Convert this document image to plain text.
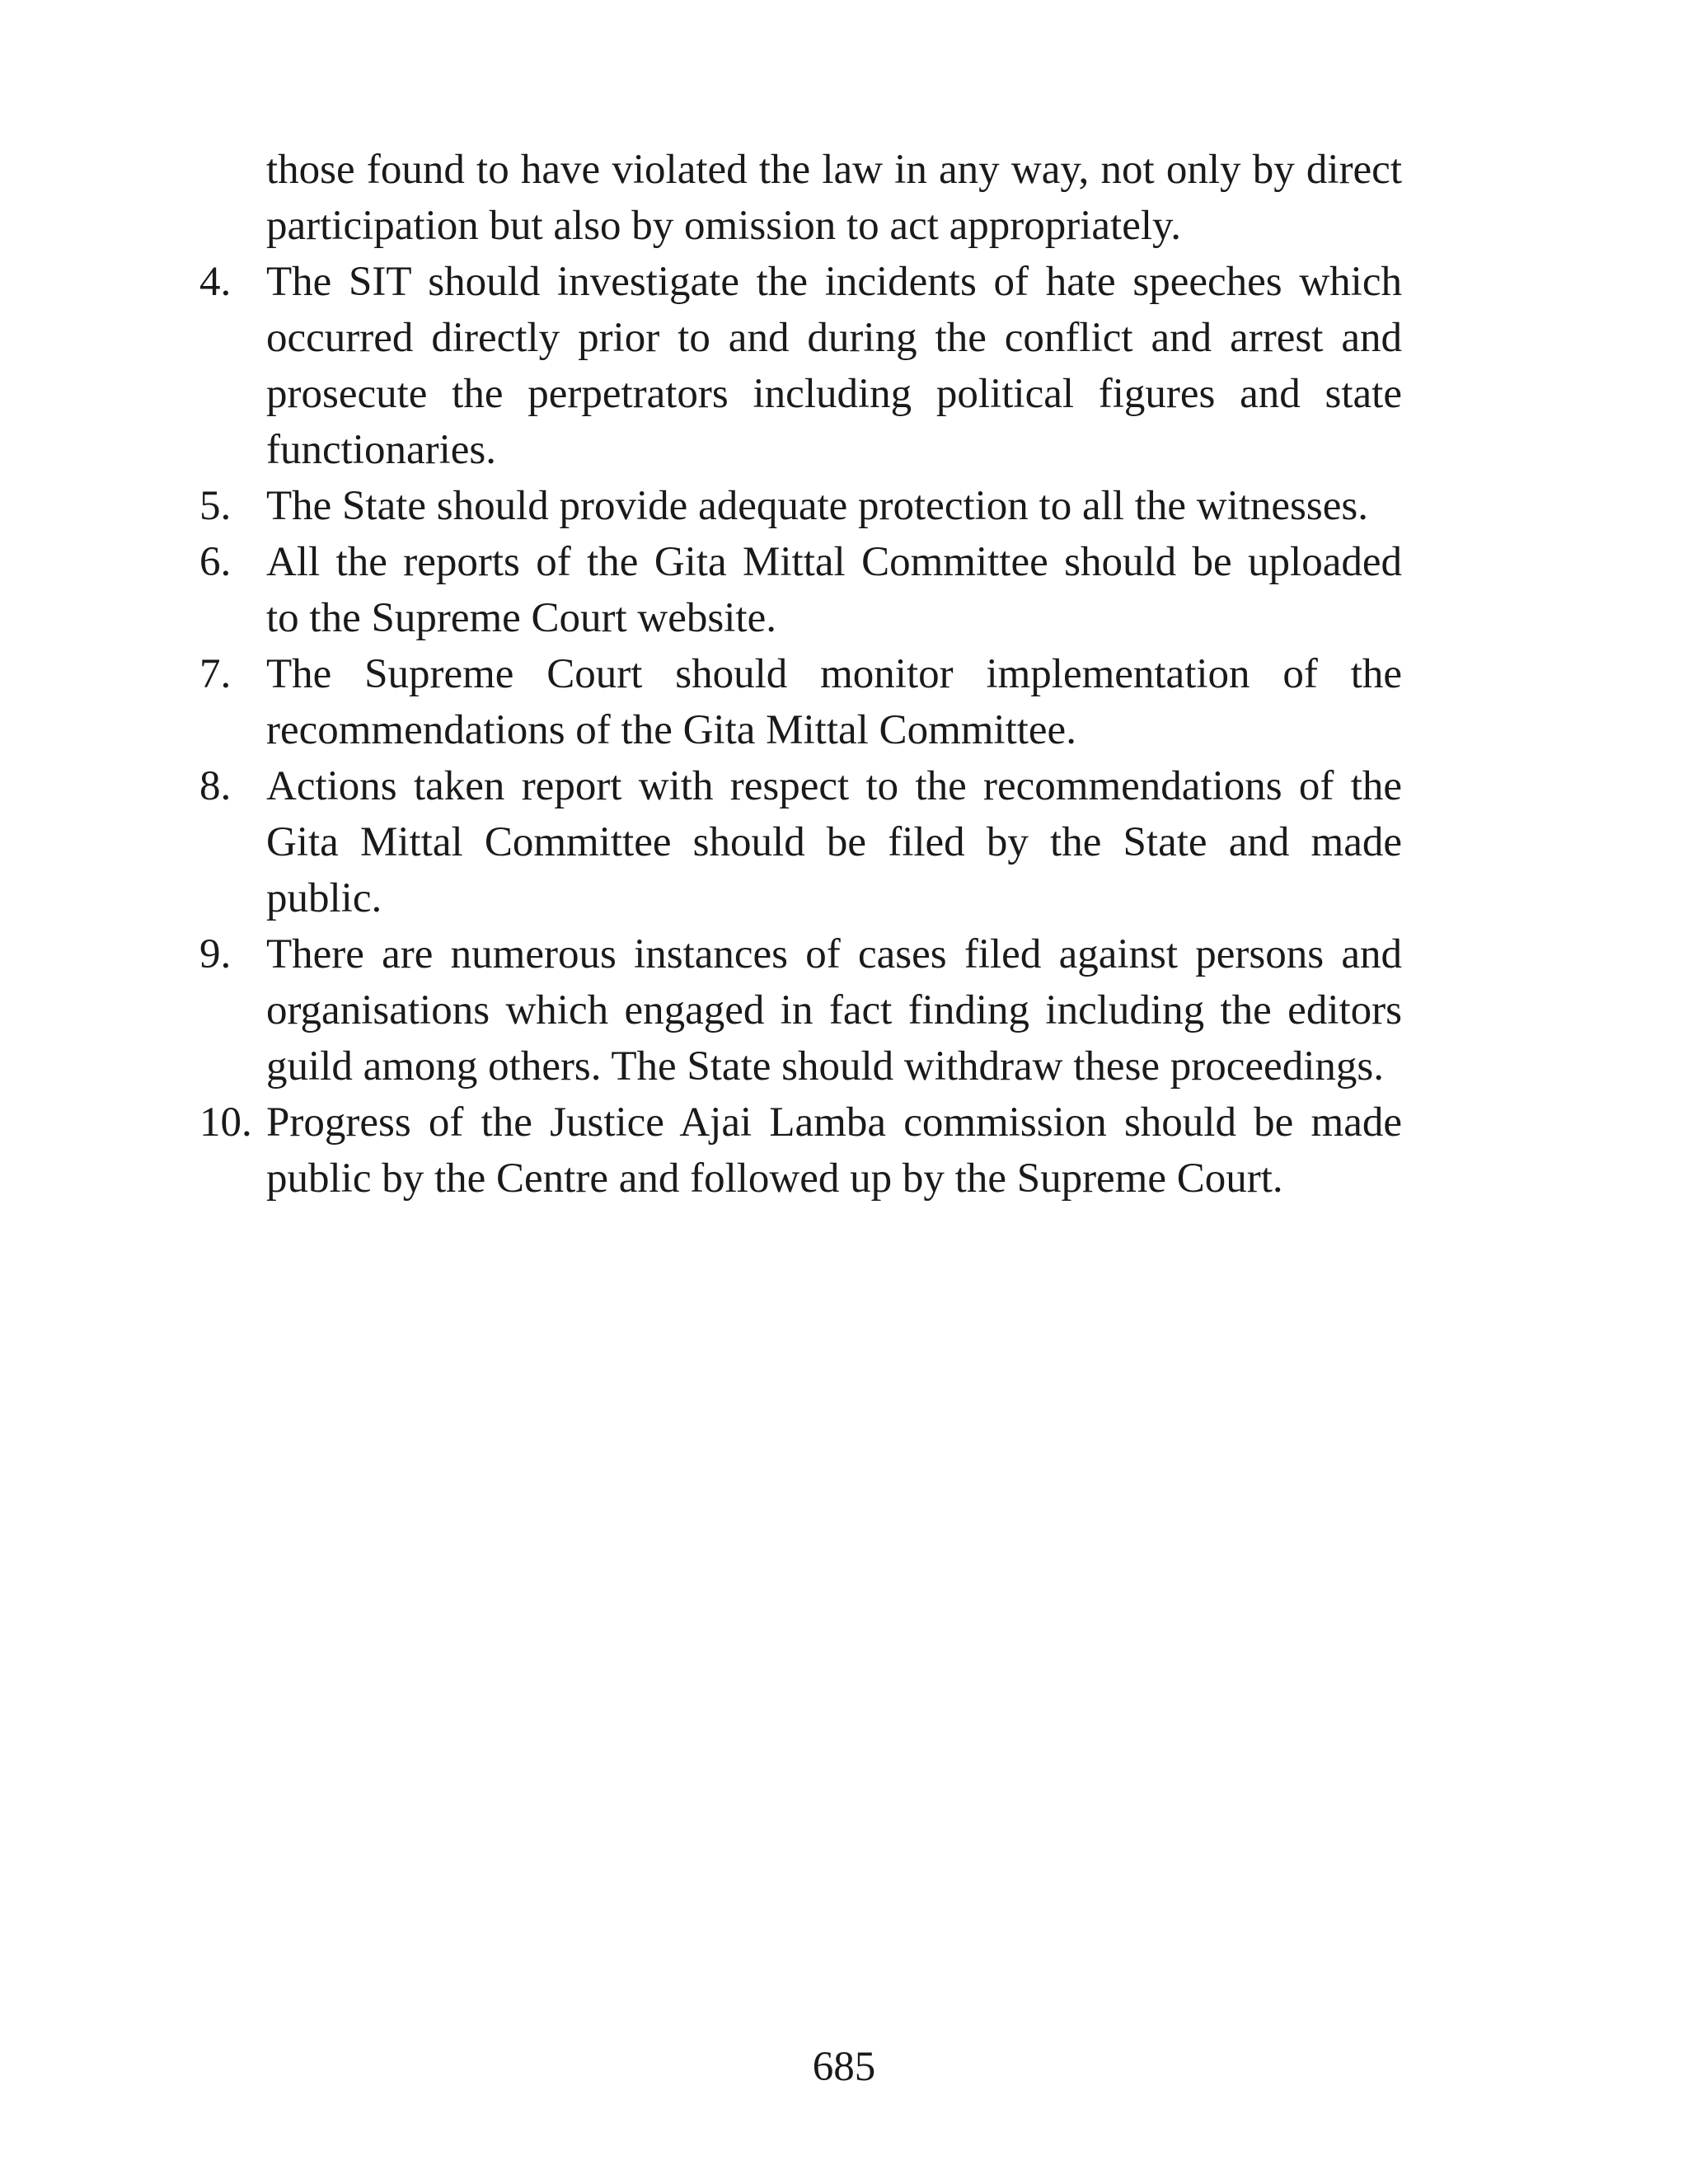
those found to have violated the law in any way, not only by direct
participation but also by omission to act appropriately.
4. The SIT should investigate the incidents of hate speeches which
occurred directly prior to and during the conflict and arrest and
prosecute the perpetrators including political figures and state
functionaries.
5. The State should provide adequate protection to all the witnesses.
6. All the reports of the Gita Mittal Committee should be uploaded
to the Supreme Court website.
7. The Supreme Court should monitor implementation of the
recommendations of the Gita Mittal Committee.
8. Actions taken report with respect to the recommendations of the
Gita Mittal Committee should be filed by the State and made
public.
9. There are numerous instances of cases filed against persons and
organisations which engaged in fact finding including the editors
guild among others. The State should withdraw these proceedings.
10. Progress of the Justice Ajai Lamba commission should be made
public by the Centre and followed up by the Supreme Court.
685
